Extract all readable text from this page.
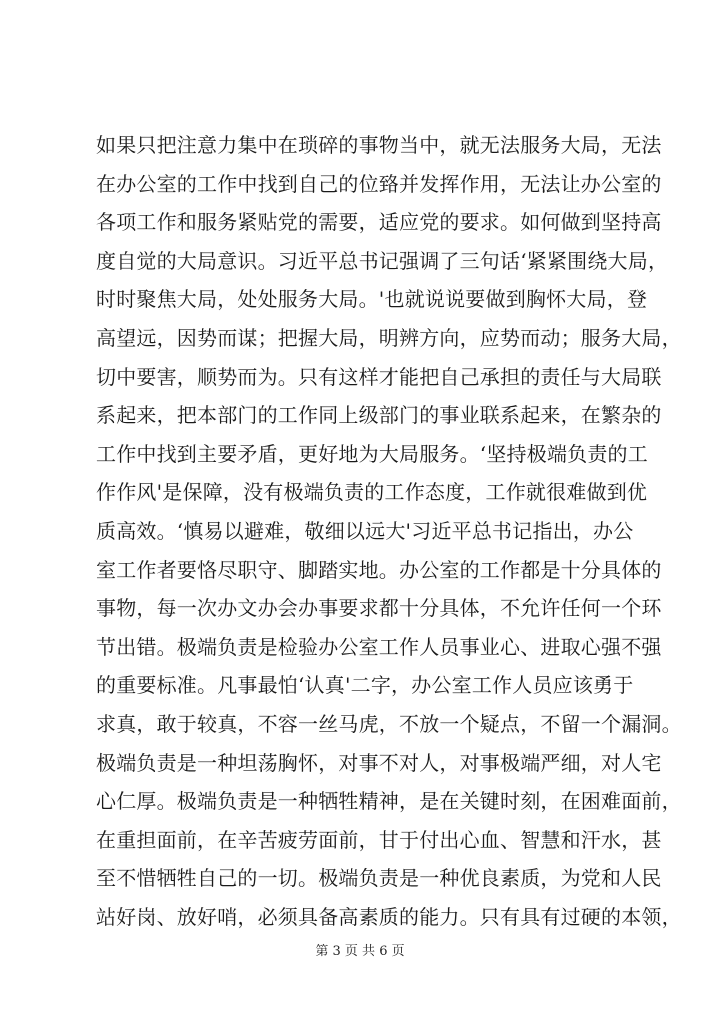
如果只把注意力集中在琐碎的事物当中，就无法服务大局，无法
在办公室的工作中找到自己的位臵并发挥作用，无法让办公室的
各项工作和服务紧贴党的需要，适应党的要求。如何做到坚持高
度自觉的大局意识。习近平总书记强调了三句话‘紧紧围绕大局，
时时聚焦大局，处处服务大局。'也就说说要做到胸怀大局，登
高望远，因势而谋；把握大局，明辨方向，应势而动；服务大局，
切中要害，顺势而为。只有这样才能把自己承担的责任与大局联
系起来，把本部门的工作同上级部门的事业联系起来，在繁杂的
工作中找到主要矛盾，更好地为大局服务。‘坚持极端负责的工
作作风'是保障，没有极端负责的工作态度，工作就很难做到优
质高效。‘慎易以避难，敬细以远大'习近平总书记指出，办公
室工作者要恪尽职守、脚踏实地。办公室的工作都是十分具体的
事物，每一次办文办会办事要求都十分具体，不允许任何一个环
节出错。极端负责是检验办公室工作人员事业心、进取心强不强
的重要标准。凡事最怕‘认真'二字，办公室工作人员应该勇于
求真，敢于较真，不容一丝马虎，不放一个疑点，不留一个漏洞。
极端负责是一种坦荡胸怀，对事不对人，对事极端严细，对人宅
心仁厚。极端负责是一种牺牲精神，是在关键时刻，在困难面前，
在重担面前，在辛苦疲劳面前，甘于付出心血、智慧和汗水，甚
至不惜牺牲自己的一切。极端负责是一种优良素质，为党和人民
站好岗、放好哨，必须具备高素质的能力。只有具有过硬的本领，
第 3 页 共 6 页
